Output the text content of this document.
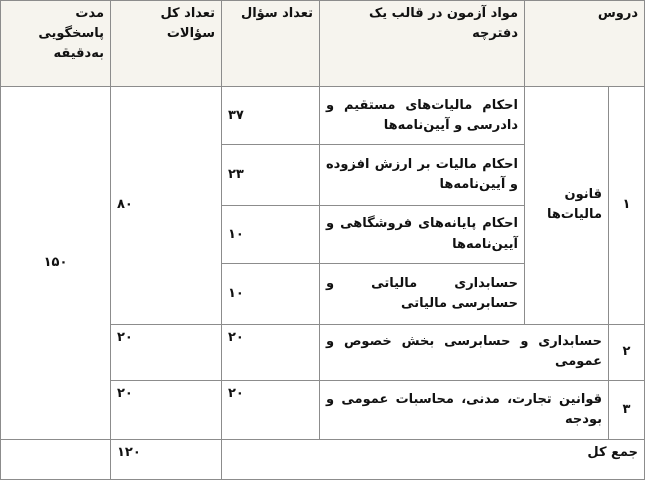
دروس		مواد آزمون در قالب یک دفترچه	تعداد سؤال	تعداد کل سؤالات	مدت پاسخگویی به‌دقیقه
۱	قانون مالیات‌ها	احکام مالیات‌های مستقیم و دادرسی و آیین‌نامه‌ها	۳۷	۸۰	۱۵۰
		احکام مالیات بر ارزش افزوده و آیین‌نامه‌ها	۲۳		
		احکام پایانه‌های فروشگاهی و آیین‌نامه‌ها	۱۰		
		حسابداری مالیاتی و حسابرسی مالیاتی	۱۰		
۲	حسابداری و حسابرسی بخش خصوص و عمومی		۲۰	۲۰	
۳	قوانین تجارت، مدنی، محاسبات عمومی و بودجه		۲۰	۲۰	
جمع کل				۱۲۰	
